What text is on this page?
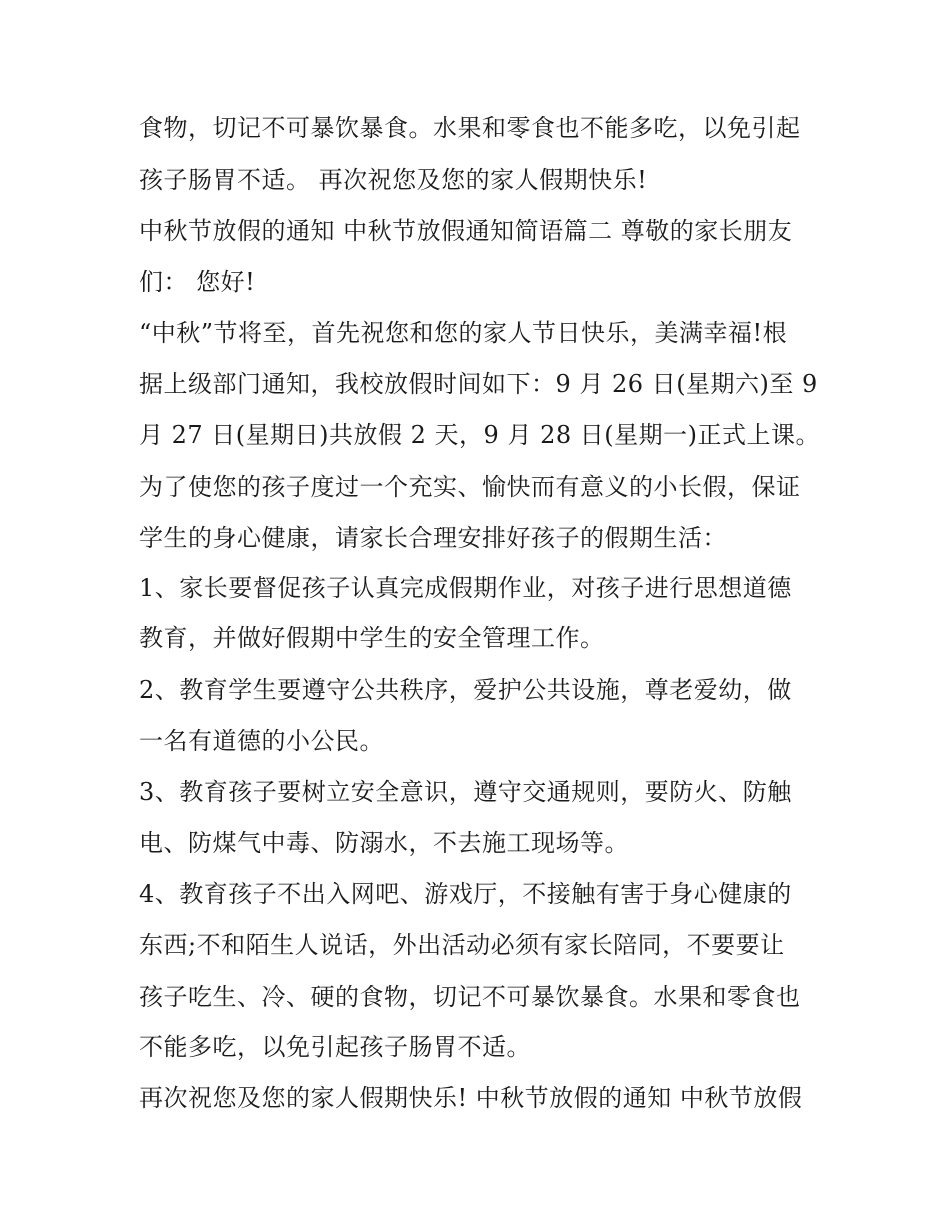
食物，切记不可暴饮暴食。水果和零食也不能多吃，以免引起
孩子肠胃不适。 再次祝您及您的家人假期快乐!
中秋节放假的通知 中秋节放假通知简语篇二 尊敬的家长朋友
们： 您好!
“中秋”节将至，首先祝您和您的家人节日快乐，美满幸福!根
据上级部门通知，我校放假时间如下：9 月 26 日(星期六)至 9
月 27 日(星期日)共放假 2 天，9 月 28 日(星期一)正式上课。
为了使您的孩子度过一个充实、愉快而有意义的小长假，保证
学生的身心健康，请家长合理安排好孩子的假期生活：
1、家长要督促孩子认真完成假期作业，对孩子进行思想道德
教育，并做好假期中学生的安全管理工作。
2、教育学生要遵守公共秩序，爱护公共设施，尊老爱幼，做
一名有道德的小公民。
3、教育孩子要树立安全意识，遵守交通规则，要防火、防触
电、防煤气中毒、防溺水，不去施工现场等。
4、教育孩子不出入网吧、游戏厅，不接触有害于身心健康的
东西;不和陌生人说话，外出活动必须有家长陪同，不要要让
孩子吃生、冷、硬的食物，切记不可暴饮暴食。水果和零食也
不能多吃，以免引起孩子肠胃不适。
再次祝您及您的家人假期快乐! 中秋节放假的通知 中秋节放假
